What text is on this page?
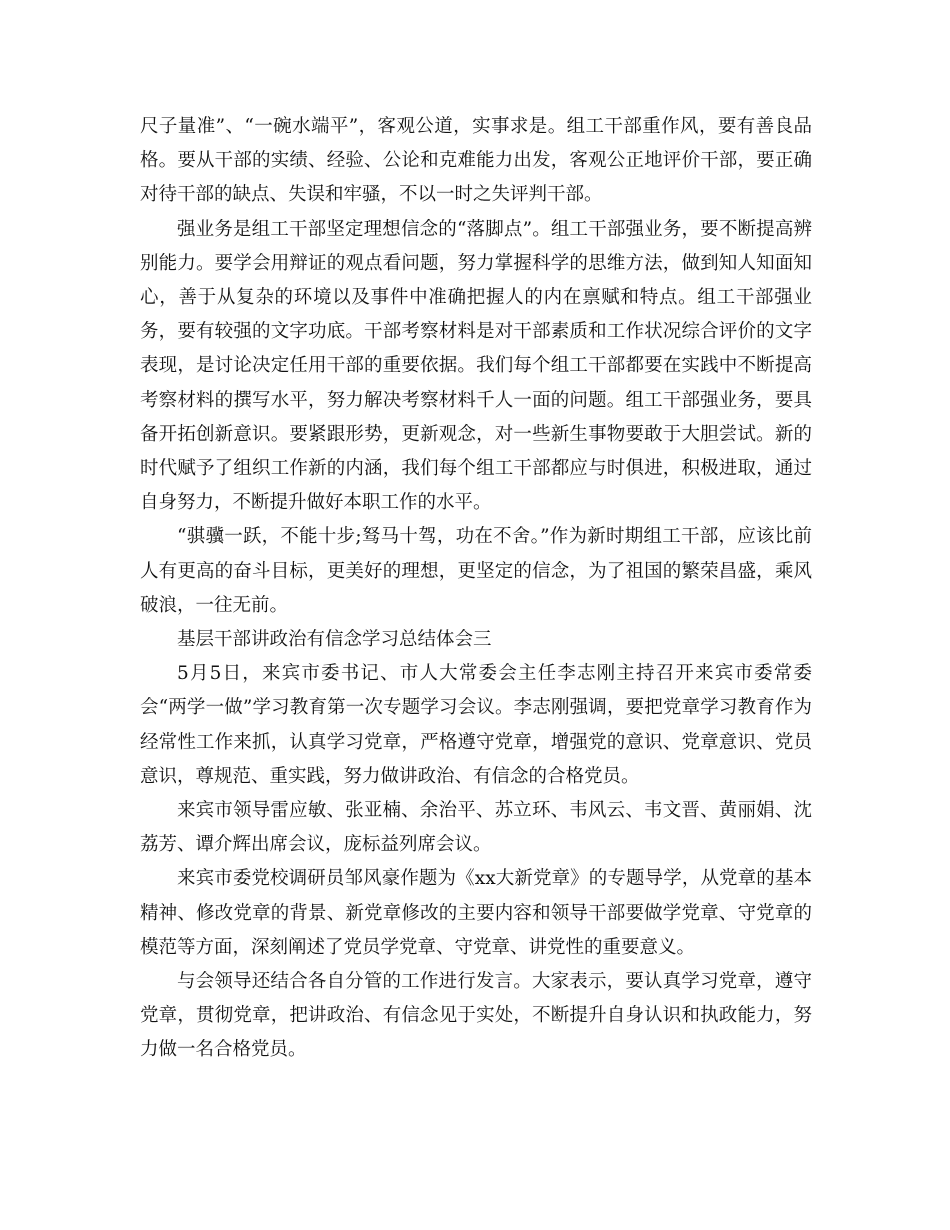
尺子量准”、“一碗水端平”，客观公道，实事求是。组工干部重作风，要有善良品格。要从干部的实绩、经验、公论和克难能力出发，客观公正地评价干部，要正确对待干部的缺点、失误和牢骚，不以一时之失评判干部。

强业务是组工干部坚定理想信念的“落脚点”。组工干部强业务，要不断提高辨别能力。要学会用辩证的观点看问题，努力掌握科学的思维方法，做到知人知面知心，善于从复杂的环境以及事件中准确把握人的内在禀赋和特点。组工干部强业务，要有较强的文字功底。干部考察材料是对干部素质和工作状况综合评价的文字表现，是讨论决定任用干部的重要依据。我们每个组工干部都要在实践中不断提高考察材料的撰写水平，努力解决考察材料千人一面的问题。组工干部强业务，要具备开拓创新意识。要紧跟形势，更新观念，对一些新生事物要敢于大胆尝试。新的时代赋予了组织工作新的内涵，我们每个组工干部都应与时俱进，积极进取，通过自身努力，不断提升做好本职工作的水平。

“骐骥一跃，不能十步;驽马十驾，功在不舍。”作为新时期组工干部，应该比前人有更高的奋斗目标，更美好的理想，更坚定的信念，为了祖国的繁荣昌盛，乘风破浪，一往无前。

基层干部讲政治有信念学习总结体会三

5月5日，来宾市委书记、市人大常委会主任李志刚主持召开来宾市委常委会“两学一做”学习教育第一次专题学习会议。李志刚强调，要把党章学习教育作为经常性工作来抓，认真学习党章，严格遵守党章，增强党的意识、党章意识、党员意识，尊规范、重实践，努力做讲政治、有信念的合格党员。

来宾市领导雷应敏、张亚楠、余治平、苏立环、韦风云、韦文晋、黄丽娟、沈荔芳、谭介辉出席会议，庞标益列席会议。

来宾市委党校调研员邹风豪作题为《xx大新党章》的专题导学，从党章的基本精神、修改党章的背景、新党章修改的主要内容和领导干部要做学党章、守党章的模范等方面，深刻阐述了党员学党章、守党章、讲党性的重要意义。

与会领导还结合各自分管的工作进行发言。大家表示，要认真学习党章，遵守党章，贯彻党章，把讲政治、有信念见于实处，不断提升自身认识和执政能力，努力做一名合格党员。
